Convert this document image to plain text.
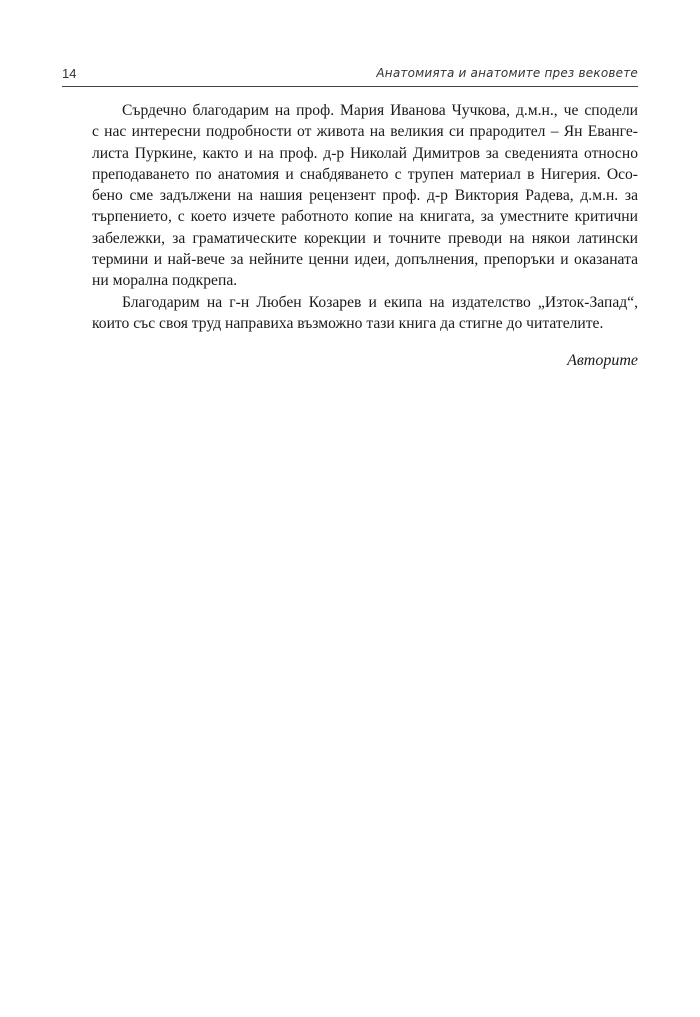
14	Анатомията и анатомите през вековете

Сърдечно благодарим на проф. Мария Иванова Чучкова, д.м.н., че сподели
с нас интересни подробности от живота на великия си прародител – Ян Еванге-
листа Пуркине, както и на проф. д-р Николай Димитров за сведенията относно
преподаването по анатомия и снабдяването с трупен материал в Нигерия. Осо-
бено сме задължени на нашия рецензент проф. д-р Виктория Радева, д.м.н. за
търпението, с което изчете работното копие на книгата, за уместните критични
забележки, за граматическите корекции и точните преводи на някои латински
термини и най-вече за нейните ценни идеи, допълнения, препоръки и оказаната
ни морална подкрепа.

Благодарим на г-н Любен Козарев и екипа на издателство „Изток-Запад“,
които със своя труд направиха възможно тази книга да стигне до читателите.

Авторите
